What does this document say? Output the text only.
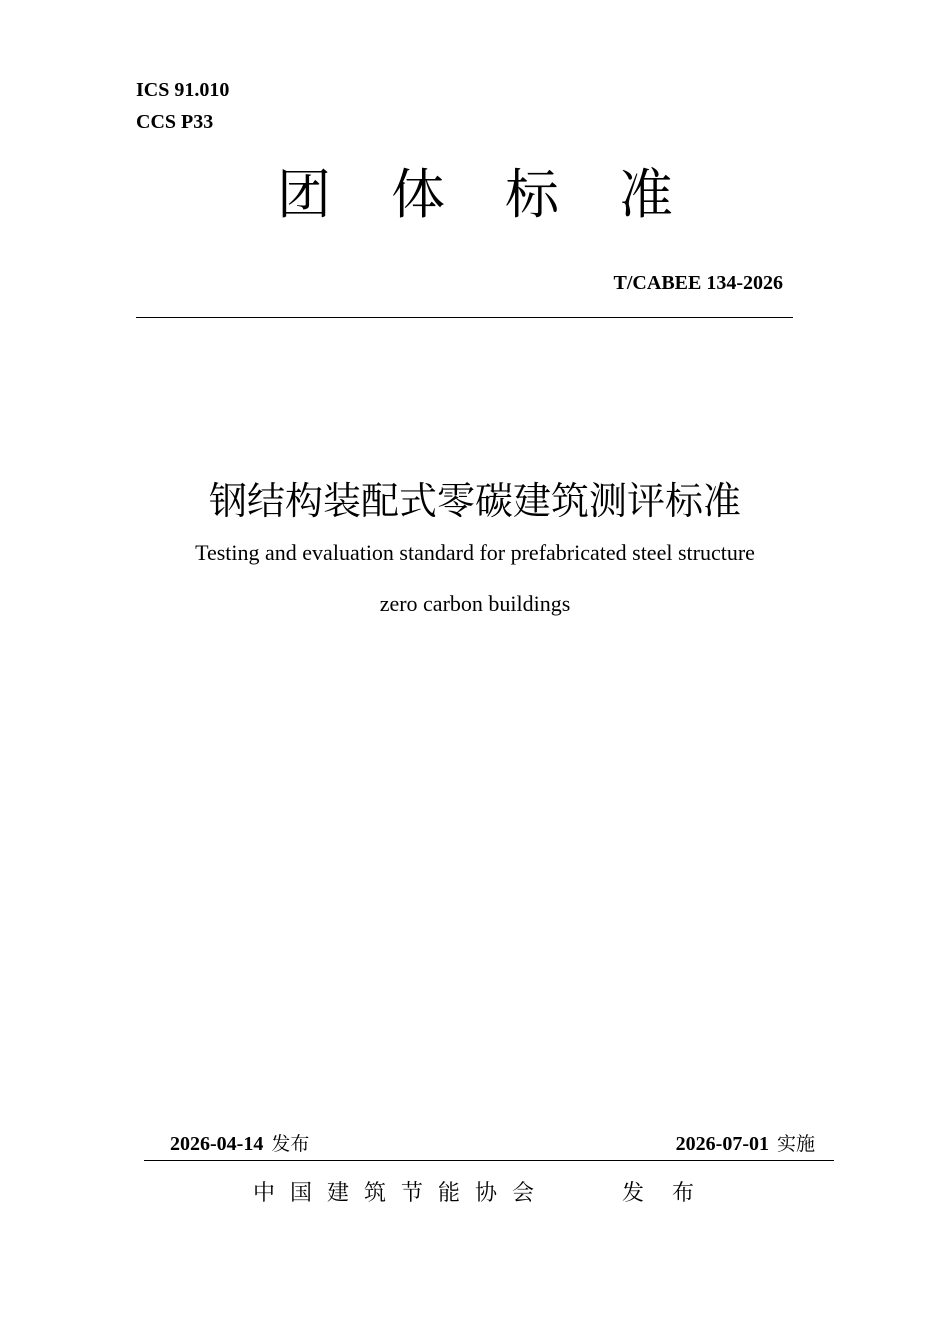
ICS 91.010
CCS P33
团体标准
T/CABEE 134-2026
钢结构装配式零碳建筑测评标准
Testing and evaluation standard for prefabricated steel structure
zero carbon buildings
2026-04-14 发布	2026-07-01 实施
中国建筑节能协会	发布
